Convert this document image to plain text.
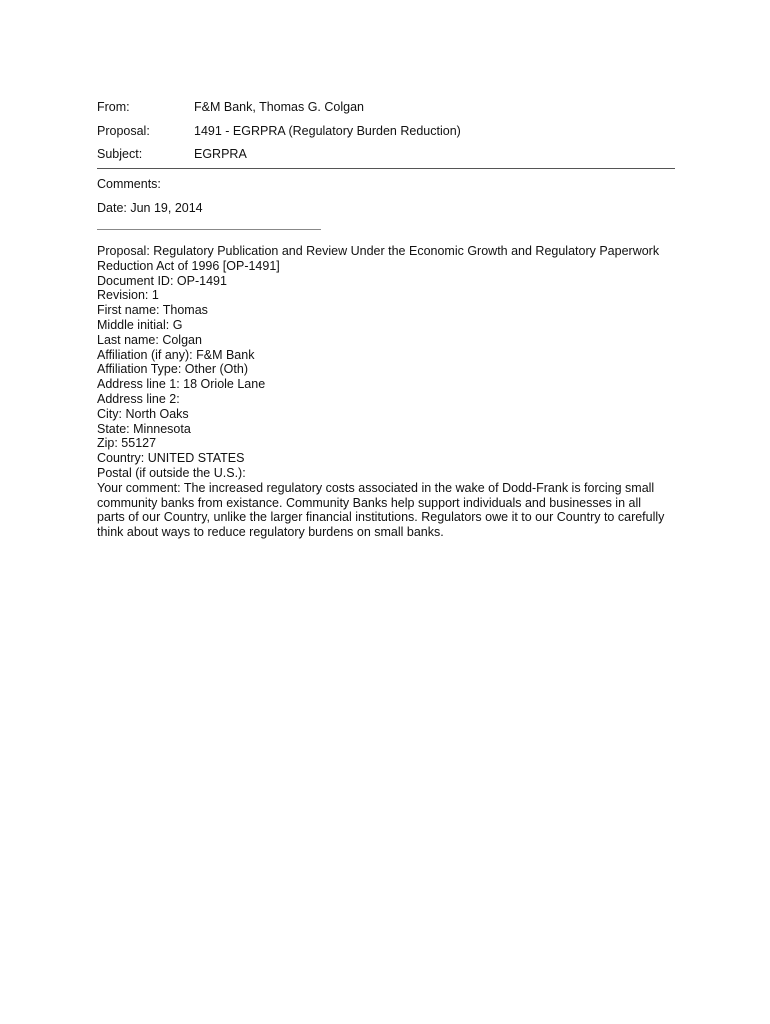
From:	F&M Bank, Thomas G. Colgan
Proposal:	1491 - EGRPRA (Regulatory Burden Reduction)
Subject:	EGRPRA
Comments:
Date: Jun 19, 2014
Proposal: Regulatory Publication and Review Under the Economic Growth and Regulatory Paperwork
Reduction Act of 1996 [OP-1491]
Document ID: OP-1491
Revision: 1
First name: Thomas
Middle initial: G
Last name: Colgan
Affiliation (if any): F&M Bank
Affiliation Type: Other (Oth)
Address line 1: 18 Oriole Lane
Address line 2:
City: North Oaks
State: Minnesota
Zip: 55127
Country: UNITED STATES
Postal (if outside the U.S.):
Your comment: The increased regulatory costs associated in the wake of Dodd-Frank is forcing small
community banks from existance. Community Banks help support individuals and businesses in all
parts of our Country, unlike the larger financial institutions. Regulators owe it to our Country to carefully
think about ways to reduce regulatory burdens on small banks.
